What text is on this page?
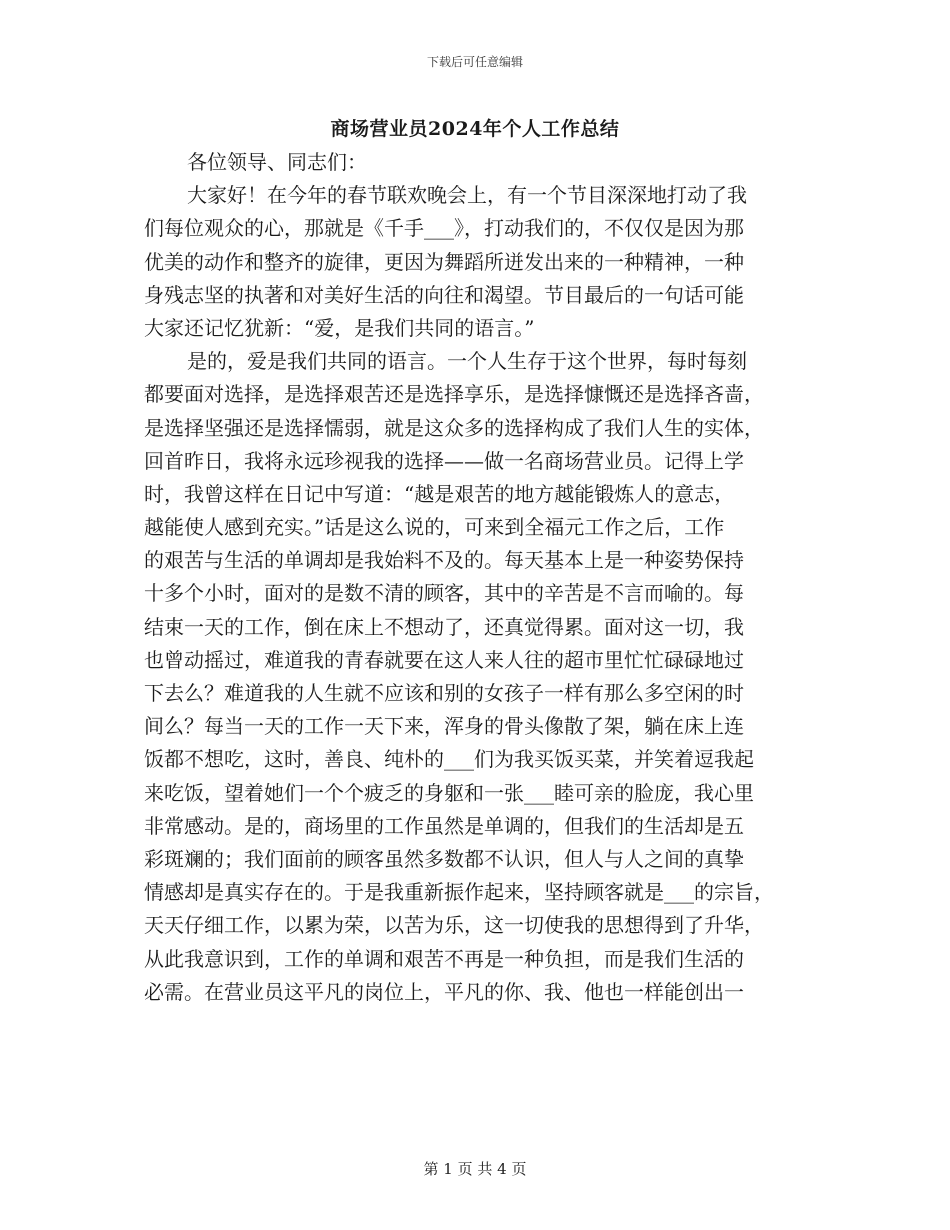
下载后可任意编辑
商场营业员2024年个人工作总结
各位领导、同志们：
大家好！在今年的春节联欢晚会上，有一个节目深深地打动了我
们每位观众的心，那就是《千手___》，打动我们的，不仅仅是因为那
优美的动作和整齐的旋律，更因为舞蹈所迸发出来的一种精神，一种
身残志坚的执著和对美好生活的向往和渴望。节目最后的一句话可能
大家还记忆犹新：“爱，是我们共同的语言。”
是的，爱是我们共同的语言。一个人生存于这个世界，每时每刻
都要面对选择，是选择艰苦还是选择享乐，是选择慷慨还是选择吝啬，
是选择坚强还是选择懦弱，就是这众多的选择构成了我们人生的实体，
回首昨日，我将永远珍视我的选择——做一名商场营业员。记得上学
时，我曾这样在日记中写道：“越是艰苦的地方越能锻炼人的意志，
越能使人感到充实。”话是这么说的，可来到全福元工作之后，工作
的艰苦与生活的单调却是我始料不及的。每天基本上是一种姿势保持
十多个小时，面对的是数不清的顾客，其中的辛苦是不言而喻的。每
结束一天的工作，倒在床上不想动了，还真觉得累。面对这一切，我
也曾动摇过，难道我的青春就要在这人来人往的超市里忙忙碌碌地过
下去么？难道我的人生就不应该和别的女孩子一样有那么多空闲的时
间么？每当一天的工作一天下来，浑身的骨头像散了架，躺在床上连
饭都不想吃，这时，善良、纯朴的___们为我买饭买菜，并笑着逗我起
来吃饭，望着她们一个个疲乏的身躯和一张___睦可亲的脸庞，我心里
非常感动。是的，商场里的工作虽然是单调的，但我们的生活却是五
彩斑斓的；我们面前的顾客虽然多数都不认识，但人与人之间的真挚
情感却是真实存在的。于是我重新振作起来，坚持顾客就是___的宗旨，
天天仔细工作，以累为荣，以苦为乐，这一切使我的思想得到了升华，
从此我意识到，工作的单调和艰苦不再是一种负担，而是我们生活的
必需。在营业员这平凡的岗位上，平凡的你、我、他也一样能创出一
第 1 页 共 4 页
